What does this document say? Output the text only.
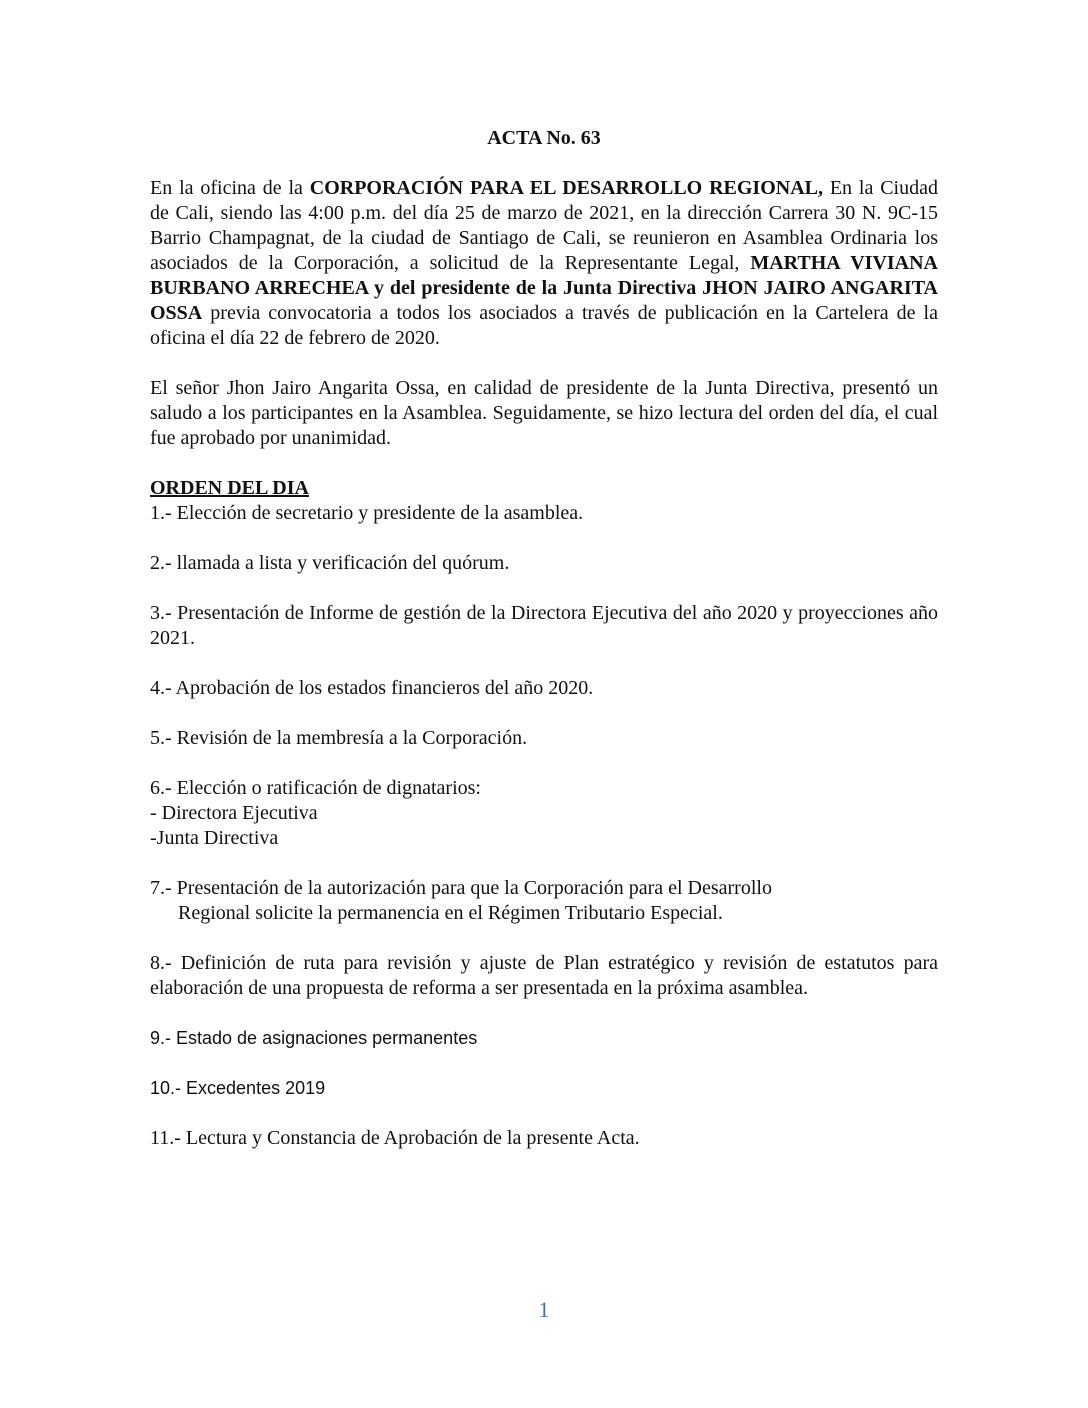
ACTA No. 63
En la oficina de la CORPORACIÓN PARA EL DESARROLLO REGIONAL, En la Ciudad de Cali, siendo las 4:00 p.m. del día 25 de marzo de 2021, en la dirección Carrera 30 N. 9C-15 Barrio Champagnat, de la ciudad de Santiago de Cali, se reunieron en Asamblea Ordinaria los asociados de la Corporación, a solicitud de la Representante Legal, MARTHA VIVIANA BURBANO ARRECHEA y del presidente de la Junta Directiva JHON JAIRO ANGARITA OSSA previa convocatoria a todos los asociados a través de publicación en la Cartelera de la oficina el día 22 de febrero de 2020.
El señor Jhon Jairo Angarita Ossa, en calidad de presidente de la Junta Directiva, presentó un saludo a los participantes en la Asamblea. Seguidamente, se hizo lectura del orden del día, el cual fue aprobado por unanimidad.
ORDEN DEL DIA
1.- Elección de secretario y presidente de la asamblea.
2.- llamada a lista y verificación del quórum.
3.- Presentación de Informe de gestión de la Directora Ejecutiva del año 2020 y proyecciones año 2021.
4.- Aprobación de los estados financieros del año 2020.
5.- Revisión de la membresía a la Corporación.
6.- Elección o ratificación de dignatarios:
- Directora Ejecutiva
-Junta Directiva
7.- Presentación de la autorización para que la Corporación para el Desarrollo
Regional solicite la permanencia en el Régimen Tributario Especial.
8.- Definición de ruta para revisión y ajuste de Plan estratégico y revisión de estatutos para elaboración de una propuesta de reforma a ser presentada en la próxima asamblea.
9.- Estado de asignaciones permanentes
10.- Excedentes 2019
11.- Lectura y Constancia de Aprobación de la presente Acta.
1
